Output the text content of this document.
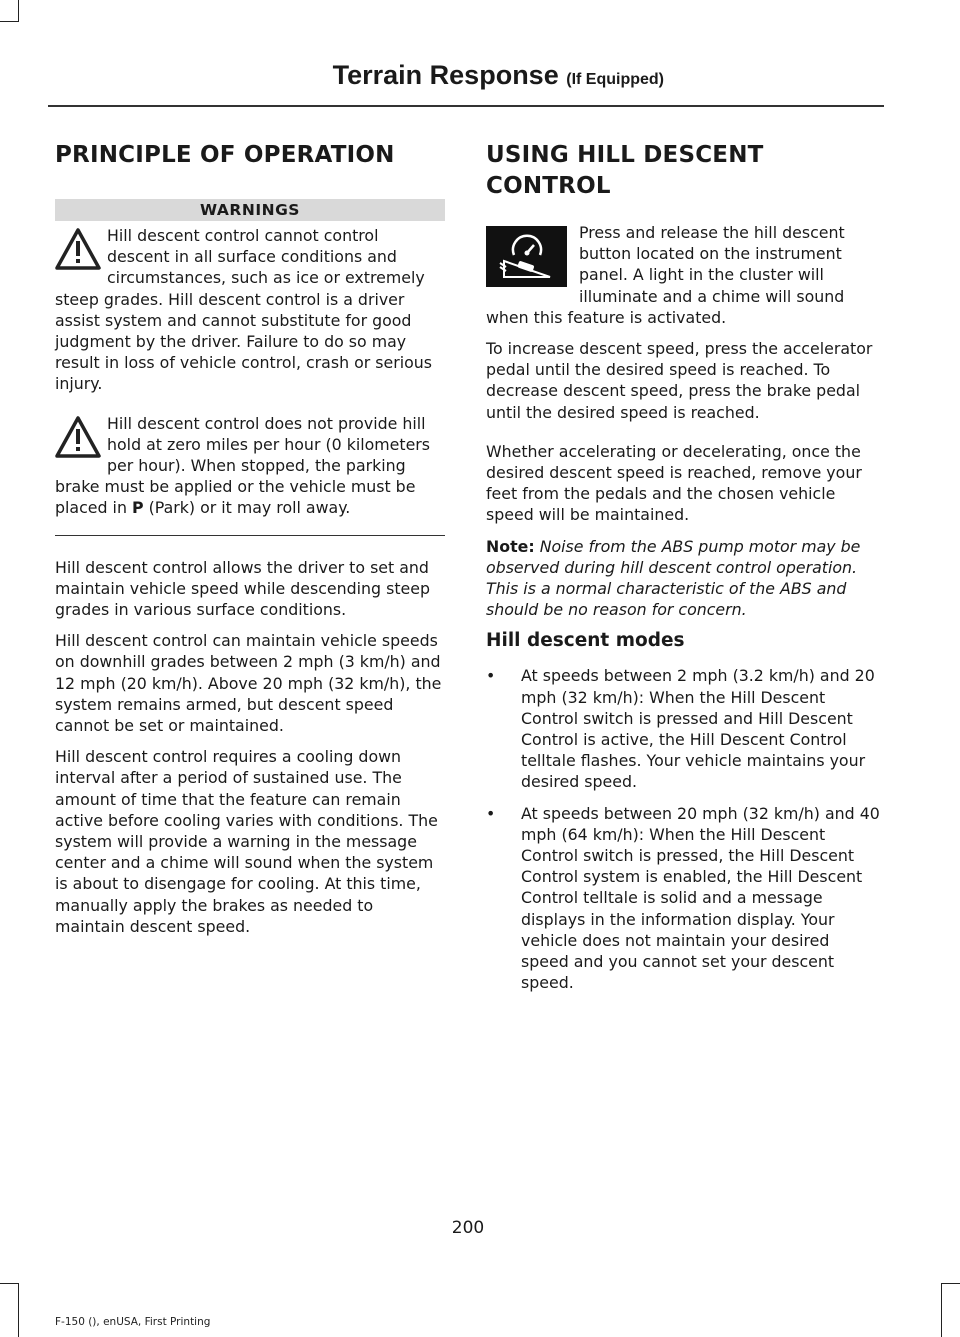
Terrain Response (If Equipped)
PRINCIPLE OF OPERATION
WARNINGS

Hill descent control cannot control descent in all surface conditions and circumstances, such as ice or extremely steep grades. Hill descent control is a driver assist system and cannot substitute for good judgment by the driver. Failure to do so may result in loss of vehicle control, crash or serious injury.

Hill descent control does not provide hill hold at zero miles per hour (0 kilometers per hour). When stopped, the parking brake must be applied or the vehicle must be placed in P (Park) or it may roll away.

Hill descent control allows the driver to set and maintain vehicle speed while descending steep grades in various surface conditions.

Hill descent control can maintain vehicle speeds on downhill grades between 2 mph (3 km/h) and 12 mph (20 km/h). Above 20 mph (32 km/h), the system remains armed, but descent speed cannot be set or maintained.

Hill descent control requires a cooling down interval after a period of sustained use. The amount of time that the feature can remain active before cooling varies with conditions. The system will provide a warning in the message center and a chime will sound when the system is about to disengage for cooling. At this time, manually apply the brakes as needed to maintain descent speed.

USING HILL DESCENT CONTROL

Press and release the hill descent button located on the instrument panel. A light in the cluster will illuminate and a chime will sound when this feature is activated.

To increase descent speed, press the accelerator pedal until the desired speed is reached. To decrease descent speed, press the brake pedal until the desired speed is reached.

Whether accelerating or decelerating, once the desired descent speed is reached, remove your feet from the pedals and the chosen vehicle speed will be maintained.

Note: Noise from the ABS pump motor may be observed during hill descent control operation. This is a normal characteristic of the ABS and should be no reason for concern.

Hill descent modes
• At speeds between 2 mph (3.2 km/h) and 20 mph (32 km/h): When the Hill Descent Control switch is pressed and Hill Descent Control is active, the Hill Descent Control telltale flashes. Your vehicle maintains your desired speed.
• At speeds between 20 mph (32 km/h) and 40 mph (64 km/h): When the Hill Descent Control switch is pressed, the Hill Descent Control system is enabled, the Hill Descent Control telltale is solid and a message displays in the information display. Your vehicle does not maintain your desired speed and you cannot set your descent speed.
200
F-150 (), enUSA, First Printing
